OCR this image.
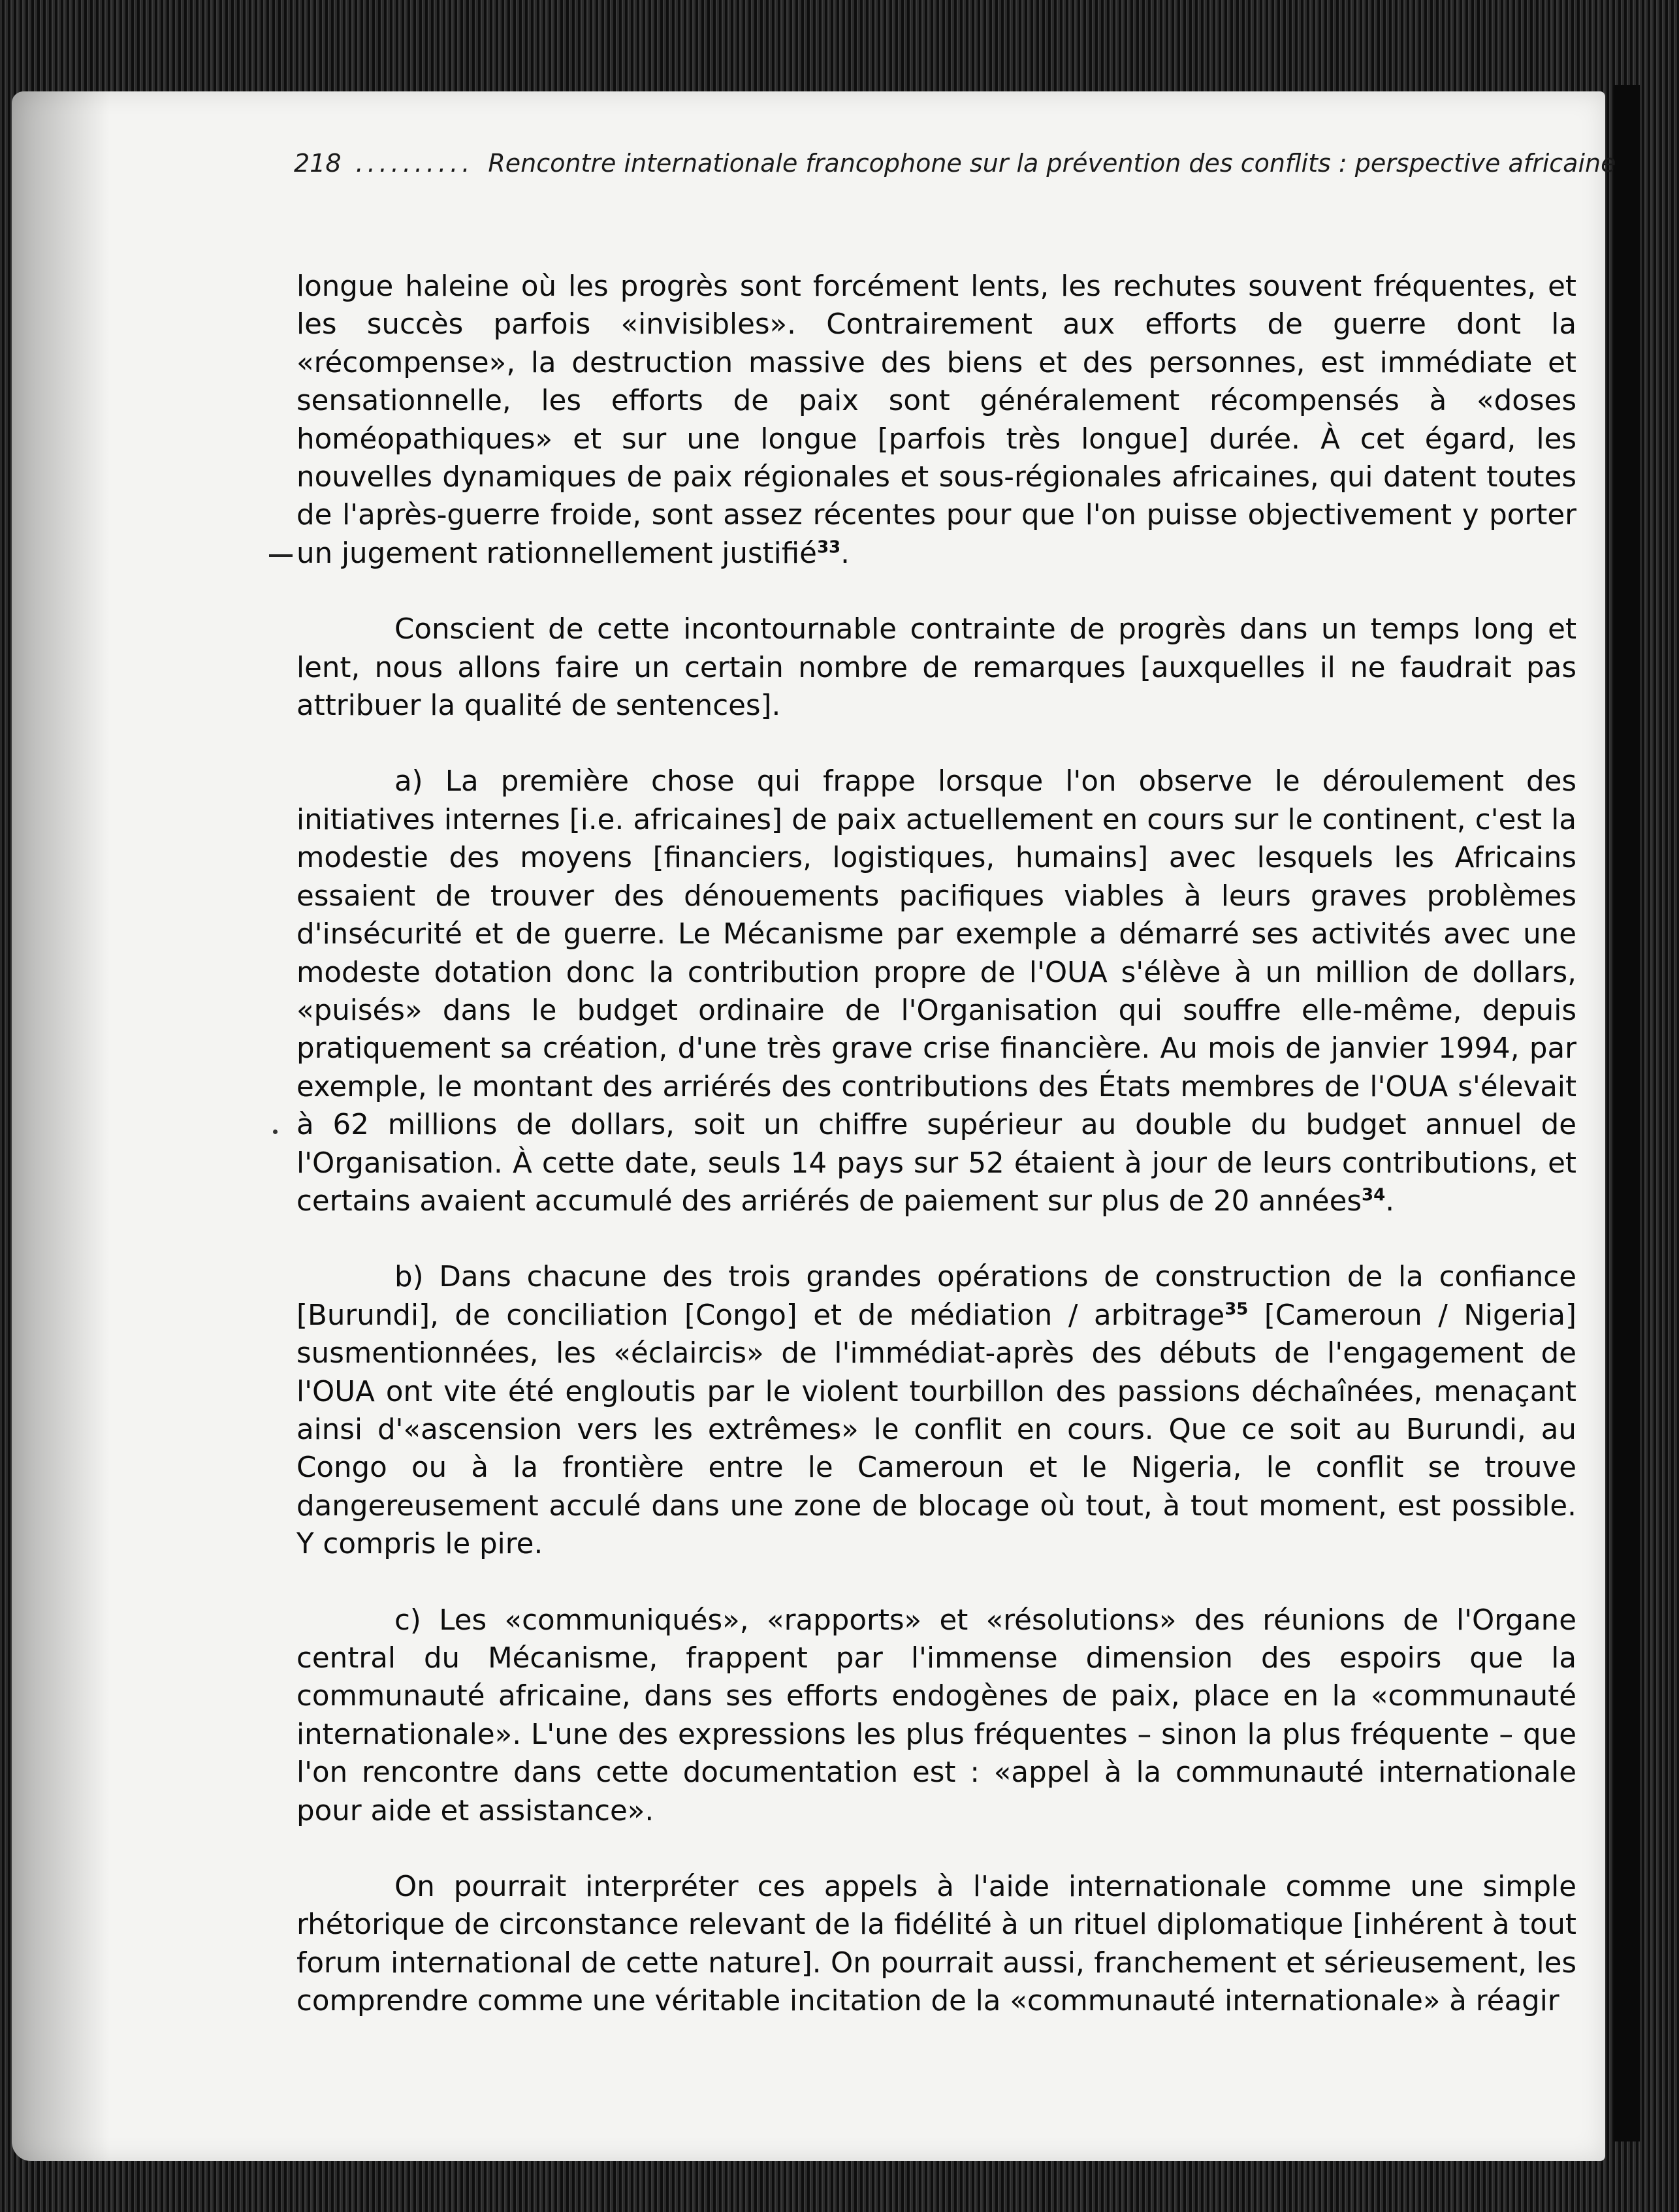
218 .......... Rencontre internationale francophone sur la prévention des conflits : perspective africaine

longue haleine où les progrès sont forcément lents, les rechutes souvent fréquentes, et les succès parfois «invisibles». Contrairement aux efforts de guerre dont la «récompense», la destruction massive des biens et des personnes, est immédiate et sensationnelle, les efforts de paix sont généralement récompensés à «doses homéopathiques» et sur une longue [parfois très longue] durée. À cet égard, les nouvelles dynamiques de paix régionales et sous-régionales africaines, qui datent toutes de l'après-guerre froide, sont assez récentes pour que l'on puisse objectivement y porter un jugement rationnellement justifié$^{33}$.

Conscient de cette incontournable contrainte de progrès dans un temps long et lent, nous allons faire un certain nombre de remarques [auxquelles il ne faudrait pas attribuer la qualité de sentences].

a) La première chose qui frappe lorsque l'on observe le déroulement des initiatives internes [i.e. africaines] de paix actuellement en cours sur le continent, c'est la modestie des moyens [financiers, logistiques, humains] avec lesquels les Africains essaient de trouver des dénouements pacifiques viables à leurs graves problèmes d'insécurité et de guerre. Le Mécanisme par exemple a démarré ses activités avec une modeste dotation donc la contribution propre de l'OUA s'élève à un million de dollars, «puisés» dans le budget ordinaire de l'Organisation qui souffre elle-même, depuis pratiquement sa création, d'une très grave crise financière. Au mois de janvier 1994, par exemple, le montant des arriérés des contributions des États membres de l'OUA s'élevait à 62 millions de dollars, soit un chiffre supérieur au double du budget annuel de l'Organisation. À cette date, seuls 14 pays sur 52 étaient à jour de leurs contributions, et certains avaient accumulé des arriérés de paiement sur plus de 20 années$^{34}$.

b) Dans chacune des trois grandes opérations de construction de la confiance [Burundi], de conciliation [Congo] et de médiation / arbitrage$^{35}$ [Cameroun / Nigeria] susmentionnées, les «éclaircis» de l'immédiat-après des débuts de l'engagement de l'OUA ont vite été engloutis par le violent tourbillon des passions déchaînées, menaçant ainsi d'«ascension vers les extrêmes» le conflit en cours. Que ce soit au Burundi, au Congo ou à la frontière entre le Cameroun et le Nigeria, le conflit se trouve dangereusement acculé dans une zone de blocage où tout, à tout moment, est possible. Y compris le pire.

c) Les «communiqués», «rapports» et «résolutions» des réunions de l'Organe central du Mécanisme, frappent par l'immense dimension des espoirs que la communauté africaine, dans ses efforts endogènes de paix, place en la «communauté internationale». L'une des expressions les plus fréquentes – sinon la plus fréquente – que l'on rencontre dans cette documentation est : «appel à la communauté internationale pour aide et assistance».

On pourrait interpréter ces appels à l'aide internationale comme une simple rhétorique de circonstance relevant de la fidélité à un rituel diplomatique [inhérent à tout forum international de cette nature]. On pourrait aussi, franchement et sérieusement, les comprendre comme une véritable incitation de la «communauté internationale» à réagir
